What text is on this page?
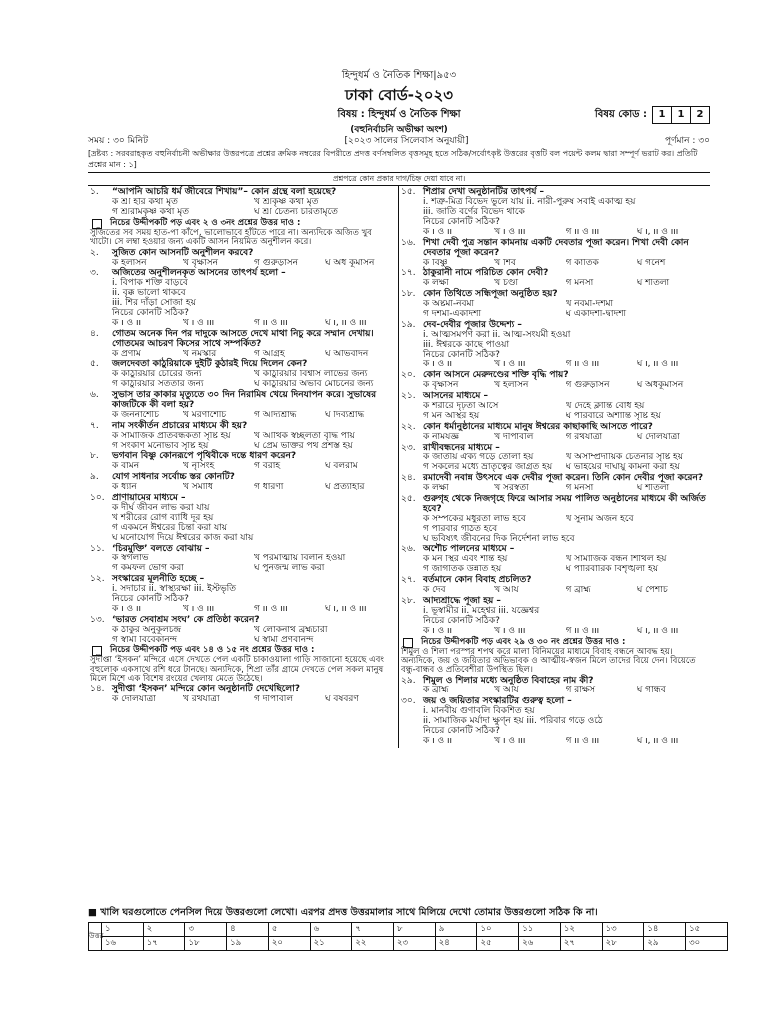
হিন্দুধর্ম ও নৈতিক শিক্ষা|৯৫৩
ঢাকা বোর্ড-২০২৩
বিষয় : হিন্দুধর্ম ও নৈতিক শিক্ষা	বিষয় কোড :	1	1	2
(বহুনির্বাচনি অভীক্ষা অংশ)
সময় : ৩০ মিনিট	[২০২৩ সালের সিলেবাস অনুযায়ী]	পূর্ণমান : ৩০
[দ্রষ্টব্য : সরবরাহকৃত বহুনির্বাচনী অভীক্ষার উত্তরপত্রে প্রশ্নের ক্রমিক নম্বরের বিপরীতে প্রদত্ত বর্ণসম্বলিত বৃত্তসমূহ হতে সঠিক/সর্বোৎকৃষ্ট উত্তরের বৃত্তটি বল পয়েন্ট কলম দ্বারা সম্পূর্ণ ভরাট কর। প্রতিটি প্রশ্নের মান : ১]
প্রশ্নপত্রে কোন প্রকার দাগ/চিহ্ন দেয়া যাবে না।
১.	“আপনি আচরি ধর্ম জীবেরে শিখায়”– কোন গ্রন্থে বলা হয়েছে?
ক শ্রী হরি কথা মৃত	খ শ্রীকৃষ্ণ কথা মৃত
গ শ্রীরামকৃষ্ণ কথা মৃত	ঘ শ্রী চৈতন্য চরিতামৃতে
নিচের উদ্দীপকটি পড় এবং ২ ও ৩নং প্রশ্নের উত্তর দাও :
সুজিতের সব সময় হাত-পা কাঁপে, ভালোভাবে হাঁটতে পারে না। অন্যদিকে অজিত খুব খাটো। সে লম্বা হওয়ার জন্য একটি আসন নিয়মিত অনুশীলন করে।
২.	সুজিত কোন আসনটি অনুশীলন করবে?
ক হলাসন	খ বৃক্ষাসন	গ গুরুড়াসন	ঘ অর্ধ কূর্মাসন
৩.	অজিতের অনুশীলনকৃত আসনের তাৎপর্য হলো –
i. বিপাক শক্তি বাড়বে
ii. বৃক্ক ভালো থাকবে
iii. শির দাঁড়া সোজা হয়
নিচের কোনটি সঠিক?
ক i ও ii	খ i ও iii	গ ii ও iii	ঘ i, ii ও iii
৪.	গোতম অনেক দিন পর দাদুকে আসতে দেখে মাথা নিচু করে সম্মান দেখায়। গোতমের আচরণ কিসের সাথে সম্পর্কিত?
ক প্রণাম	খ নমস্কার	গ আগ্রহ	ঘ অভিবাদন
৫.	জলদেবতা কাঠুরিয়াকে দুইটি কুঠারই দিয়ে দিলেন কেন?
ক কাঠুরিয়ার চোরের জন্য	খ কাঠুরিয়ার বিশ্বাস লাভের জন্য
গ কাঠুরিয়ার সততার জন্য	ঘ কাঠুরিয়ার অভাব মোচনের জন্য
৬.	সুভাস তার কাকার মৃত্যুতে ৩০ দিন নিরামিষ খেয়ে দিনযাপন করে। সুভাষের কাজটিকে কী বলা হয়?
ক জননাশৌচ	খ মরণাশৌচ	গ আদ্যশ্রাদ্ধ	ঘ দিব্যশ্রাদ্ধ
৭.	নাম সংকীর্তন প্রচারের মাধ্যমে কী হয়?
ক সামাজিক প্রতিবন্ধকতা সৃষ্টি হয়	খ আর্থিক স্বচ্ছলতা বৃদ্ধি পায়
গ সংকীর্ণ মনোভাব সৃষ্টি হয়	ঘ প্রেম ভক্তির পথ প্রশস্ত হয়
৮.	ভগবান বিষ্ণু কোনরূপে পৃথিবীকে দন্তে ধারণ করেন?
ক বামন	খ নৃসিংহ	গ বরাহ	ঘ বলরাম
৯.	যোগ সাধনার সর্বোচ্চ স্তর কোনটি?
ক ধ্যান	খ সমাধি	গ ধারণা	ঘ প্রত্যাহার
১০. প্রাণায়ামের মাধ্যমে –
ক দীর্ঘ জীবন লাভ করা যায়
খ শরীরের রোগ ব্যাধি দূর হয়
গ একমনে ঈশ্বরের চিন্তা করা যায়
ঘ মনোযোগ দিয়ে ঈশ্বরের কাজ করা যায়
১১. ‘চিরমুক্তি’ বলতে বোঝায় –
ক স্বর্গলাভ	খ পরমাত্মায় বিলীন হওয়া
গ কর্মফল ভোগ করা	ঘ পুনর্জন্ম লাভ করা
১২. সংস্কারের মূলনীতি হচ্ছে –
i. সদাচার ii. স্বাস্থ্যরক্ষা iii. ইস্টভৃতি
নিচের কোনটি সঠিক?
ক i ও ii	খ i ও iii	গ ii ও iii	ঘ i, ii ও iii
১৩. ‘ভারত সেবাশ্রম সংঘ’ কে প্রতিষ্ঠা করেন?
ক ঠাকুর অনুকূলচন্দ্র	খ লোকনাথ ব্রহ্মচারী
গ স্বামী বিবেকানন্দ	ঘ স্বামী প্রণবানন্দ
নিচের উদ্দীপকটি পড় এবং ১৪ ও ১৫ নং প্রশ্নের উত্তর দাও :
সুদীপ্তা ‘ইসকন’ মন্দিরে এসে দেখতে পেল একটি চাকাওয়ালা গাড়ি সাজানো হয়েছে এবং বহুলোক একসাথে রশি ধরে টানছে। অন্যদিকে, শিপ্রা তাঁর গ্রামে দেখতে পেল সকল মানুষ মিলে মিশে এক বিশেষ রংয়ের খেলায় মেতে উঠেছে।
১৪. সুদীপ্তা ‘ইসকন’ মন্দিরে কোন অনুষ্ঠানটি দেখেছিলো?
ক দোলযাত্রা	খ রথযাত্রা	গ দীপাবলি	ঘ বর্ষবরণ
১৫. শিপ্রার দেখা অনুষ্ঠানটির তাৎপর্য –
i. শত্রু-মিত্র বিভেদ ভুলে যায় ii. নারী-পুরুষ সবাই একাত্ম হয়
iii. জাতি বর্ণের বিভেদ থাকে
নিচের কোনটি সঠিক?
ক i ও ii	খ i ও iii	গ ii ও iii	ঘ i, ii ও iii
১৬. শিখা দেবী পুত্র সন্তান কামনায় একটি দেবতার পূজা করেন। শিখা দেবী কোন দেবতার পূজা করেন?
ক বিষ্ণু	খ শিব	গ কার্তিক	ঘ গনেশ
১৭. ঠাকুরানী নামে পরিচিত কোন দেবী?
ক লক্ষী	খ চণ্ডী	গ মনসা	ঘ শীতলা
১৮. কোন তিথিতে সন্ধিপূজা অনুষ্ঠিত হয়?
ক অষ্টমী-নবমী	খ নবমী-দশমী
গ দশমী-একাদশী	ঘ একাদশী-দ্বাদশী
১৯. দেব-দেবীর পূজার উদ্দেশ্য –
i. আত্মসমর্পণ করা ii. আত্ম-সংযমী হওয়া
iii. ঈশ্বরকে কাছে পাওয়া
নিচের কোনটি সঠিক?
ক i ও ii	খ i ও iii	গ ii ও iii	ঘ i, ii ও iii
২০. কোন আসনে মেরুদণ্ডের শক্তি বৃদ্ধি পায়?
ক বৃক্ষাসন	খ হলাসন	গ গুরুড়াসন	ঘ অর্ধকূর্মাসন
২১. আসনের মাধ্যমে –
ক শরীরে দৃঢ়তা আসে	খ দেহে ক্লান্তি বোধ হয়
গ মন অস্থির হয়	ঘ পরিবারে অশান্তি সৃষ্টি হয়
২২. কোন ধর্মানুষ্ঠানের মাধ্যমে মানুষ ঈশ্বরের কাছাকাছি আসতে পারে?
ক নামযজ্ঞ	খ দীপাবলি	গ রথযাত্রা	ঘ দোলযাত্রা
২৩. রাখীবন্ধনের মাধ্যমে –
ক জাতীয় ঐক্য গড়ে তোলা হয়	খ অসাম্প্রদায়িক চেতনার সৃষ্টি হয়
গ সকলের মধ্যে ভ্রাতৃত্বের জাগ্রত হয়	ঘ ভাইয়ের দীর্ঘায়ু কামনা করা হয়
২৪. রমাদেবী নবান্ন উৎসবে এক দেবীর পূজা করেন। তিনি কোন দেবীর পূজা করেন?
ক লক্ষী	খ সরস্বতী	গ মনসা	ঘ শীতলা
২৫. গুরুগৃহ থেকে নিজগৃহে ফিরে আসার সময় পালিত অনুষ্ঠানের মাধ্যমে কী অর্জিত হবে?
ক সম্পর্কের মধুরতা লাভ হবে	খ সুনাম অর্জন হবে
গ পরিবার গঠিত হবে
ঘ ভবিষ্যৎ জীবনের দিক নির্দেশনা লাভ হবে
২৬. অশৌচ পালনের মাধ্যমে –
ক মন স্থির এবং শান্ত হয়	খ সামাজিক বন্ধন শিথিল হয়
গ জাগতিক উন্নতি হয়	ঘ পারিবারিক বিশৃঙ্খলা হয়
২৭. বর্তমানে কোন বিবাহ প্রচলিত?
ক দৈব	খ আর্য	গ ব্রাহ্ম	ঘ পৈশাচ
২৮. আদ্যশ্রাদ্ধে পূজা হয় –
i. ভূস্বামীর ii. মহেশ্বর iii. যজ্ঞেশ্বর
নিচের কোনটি সঠিক?
ক i ও ii	খ i ও iii	গ ii ও iii	ঘ i, ii ও iii
নিচের উদ্দীপকটি পড় এবং ২৯ ও ৩০ নং প্রশ্নের উত্তর দাও :
শিমুল ও শিলা পরস্পর শপথ করে মালা বিনিময়ের মাধ্যমে বিবাহ বন্ধনে আবদ্ধ হয়। অন্যদিকে, জয় ও জয়িতার অভিভাবক ও আত্মীয়-স্বজন মিলে তাদের বিয়ে দেন। বিয়েতে বন্ধু-বান্ধব ও প্রতিবেশীরা উপস্থিত ছিল।
২৯. শিমুল ও শিলার মধ্যে অনুষ্ঠিত বিবাহের নাম কী?
ক ব্রাহ্ম	খ আর্য	গ রাক্ষস	ঘ গান্ধর্ব
৩০. জয় ও জয়িতার সংস্কারটির গুরুত্ব হলো –
i. মানবীয় গুণাবলি বিকশিত হয়
ii. সামাজিক মর্যাদা ক্ষুণ্ন হয় iii. পরিবার গড়ে ওঠে
নিচের কোনটি সঠিক?
ক i ও ii	খ i ও iii	গ ii ও iii	ঘ i, ii ও iii
■ খালি ঘরগুলোতে পেনসিল দিয়ে উত্তরগুলো লেখো। এরপর প্রদত্ত উত্তরমালার সাথে মিলিয়ে দেখো তোমার উত্তরগুলো সঠিক কি না।
উত্তর	১	২	৩	৪	৫	৬	৭	৮	৯	১০	১১	১২	১৩	১৪	১৫
	১৬	১৭	১৮	১৯	২০	২১	২২	২৩	২৪	২৫	২৬	২৭	২৮	২৯	৩০
